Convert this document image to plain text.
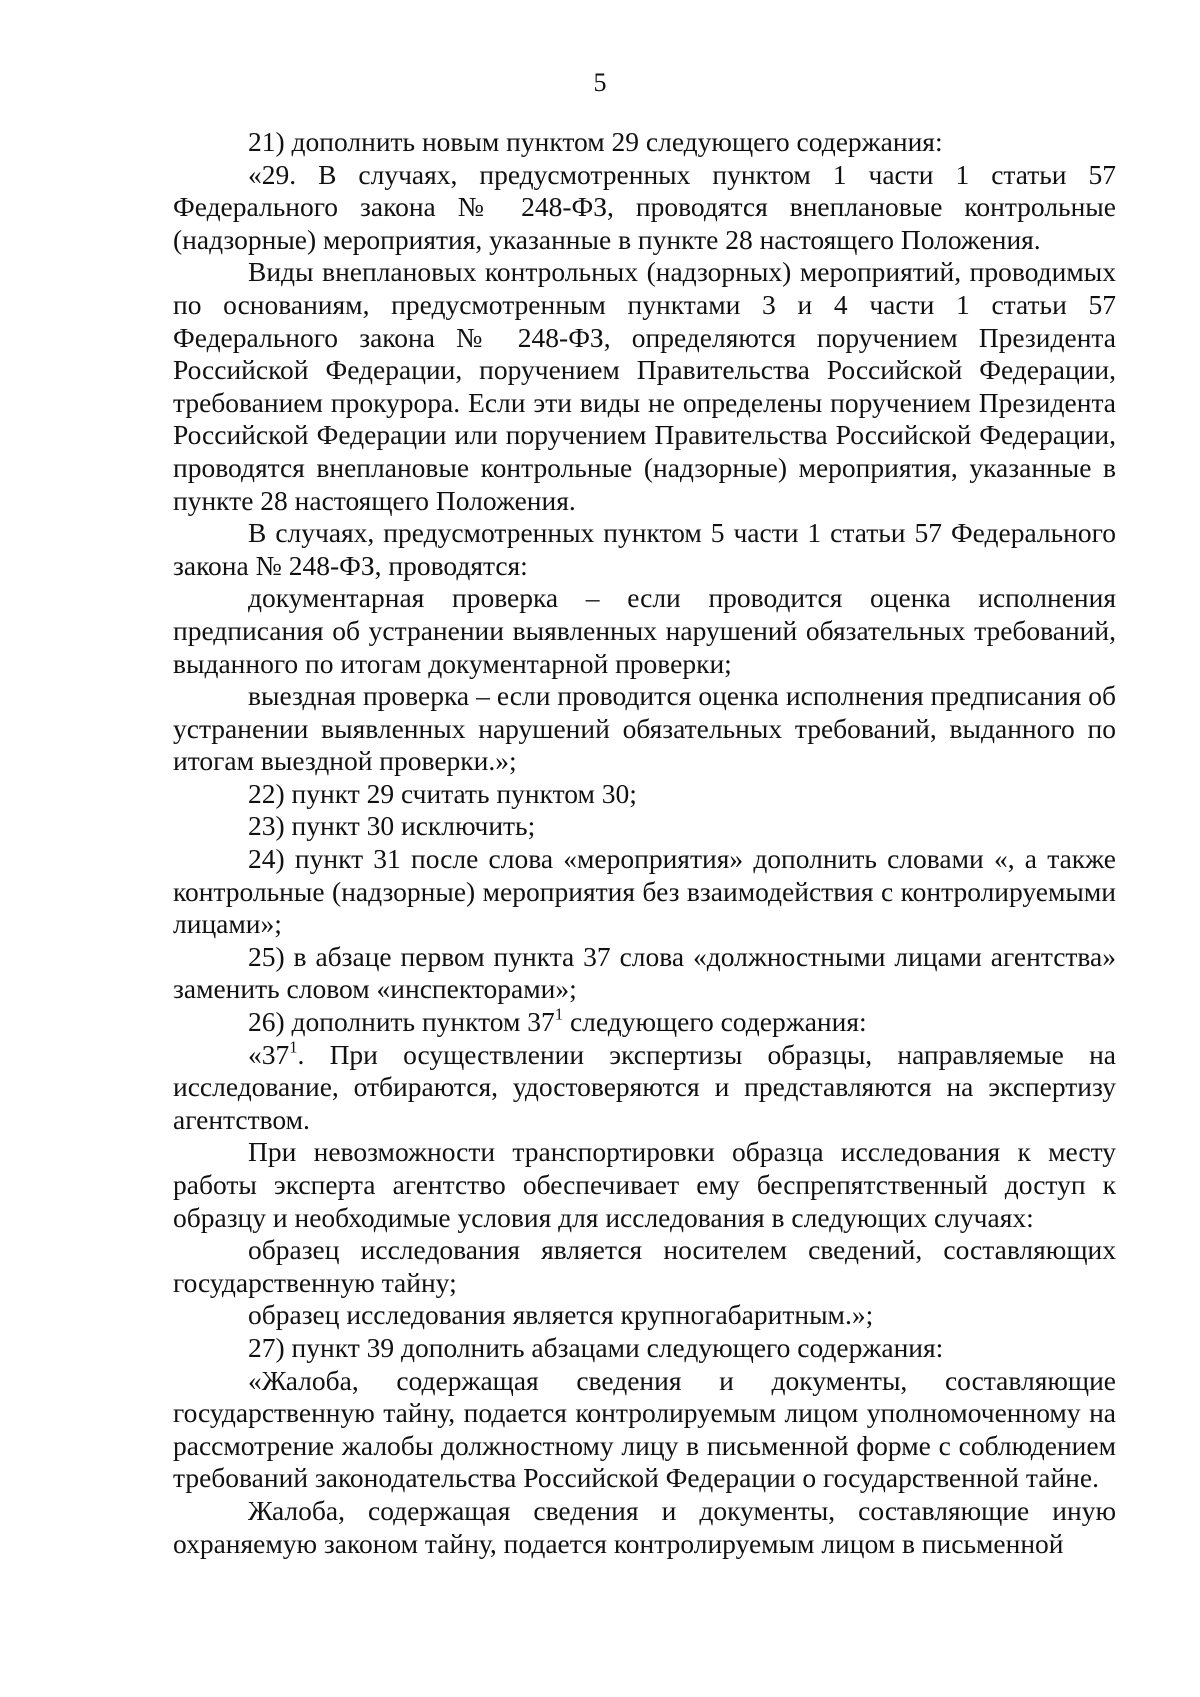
5

21) дополнить новым пунктом 29 следующего содержания:

«29. В случаях, предусмотренных пунктом 1 части 1 статьи 57 Федерального закона № 248-ФЗ, проводятся внеплановые контрольные (надзорные) мероприятия, указанные в пункте 28 настоящего Положения.

Виды внеплановых контрольных (надзорных) мероприятий, проводимых по основаниям, предусмотренным пунктами 3 и 4 части 1 статьи 57 Федерального закона № 248-ФЗ, определяются поручением Президента Российской Федерации, поручением Правительства Российской Федерации, требованием прокурора. Если эти виды не определены поручением Президента Российской Федерации или поручением Правительства Российской Федерации, проводятся внеплановые контрольные (надзорные) мероприятия, указанные в пункте 28 настоящего Положения.

В случаях, предусмотренных пунктом 5 части 1 статьи 57 Федерального закона № 248-ФЗ, проводятся:

документарная проверка – если проводится оценка исполнения предписания об устранении выявленных нарушений обязательных требований, выданного по итогам документарной проверки;

выездная проверка – если проводится оценка исполнения предписания об устранении выявленных нарушений обязательных требований, выданного по итогам выездной проверки.»;

22) пункт 29 считать пунктом 30;

23) пункт 30 исключить;

24) пункт 31 после слова «мероприятия» дополнить словами «, а также контрольные (надзорные) мероприятия без взаимодействия с контролируемыми лицами»;

25) в абзаце первом пункта 37 слова «должностными лицами агентства» заменить словом «инспекторами»;

26) дополнить пунктом $37^1$ следующего содержания:

«$37^1$. При осуществлении экспертизы образцы, направляемые на исследование, отбираются, удостоверяются и представляются на экспертизу агентством.

При невозможности транспортировки образца исследования к месту работы эксперта агентство обеспечивает ему беспрепятственный доступ к образцу и необходимые условия для исследования в следующих случаях:

образец исследования является носителем сведений, составляющих государственную тайну;

образец исследования является крупногабаритным.»;

27) пункт 39 дополнить абзацами следующего содержания:

«Жалоба, содержащая сведения и документы, составляющие государственную тайну, подается контролируемым лицом уполномоченному на рассмотрение жалобы должностному лицу в письменной форме с соблюдением требований законодательства Российской Федерации о государственной тайне.

Жалоба, содержащая сведения и документы, составляющие иную охраняемую законом тайну, подается контролируемым лицом в письменной
